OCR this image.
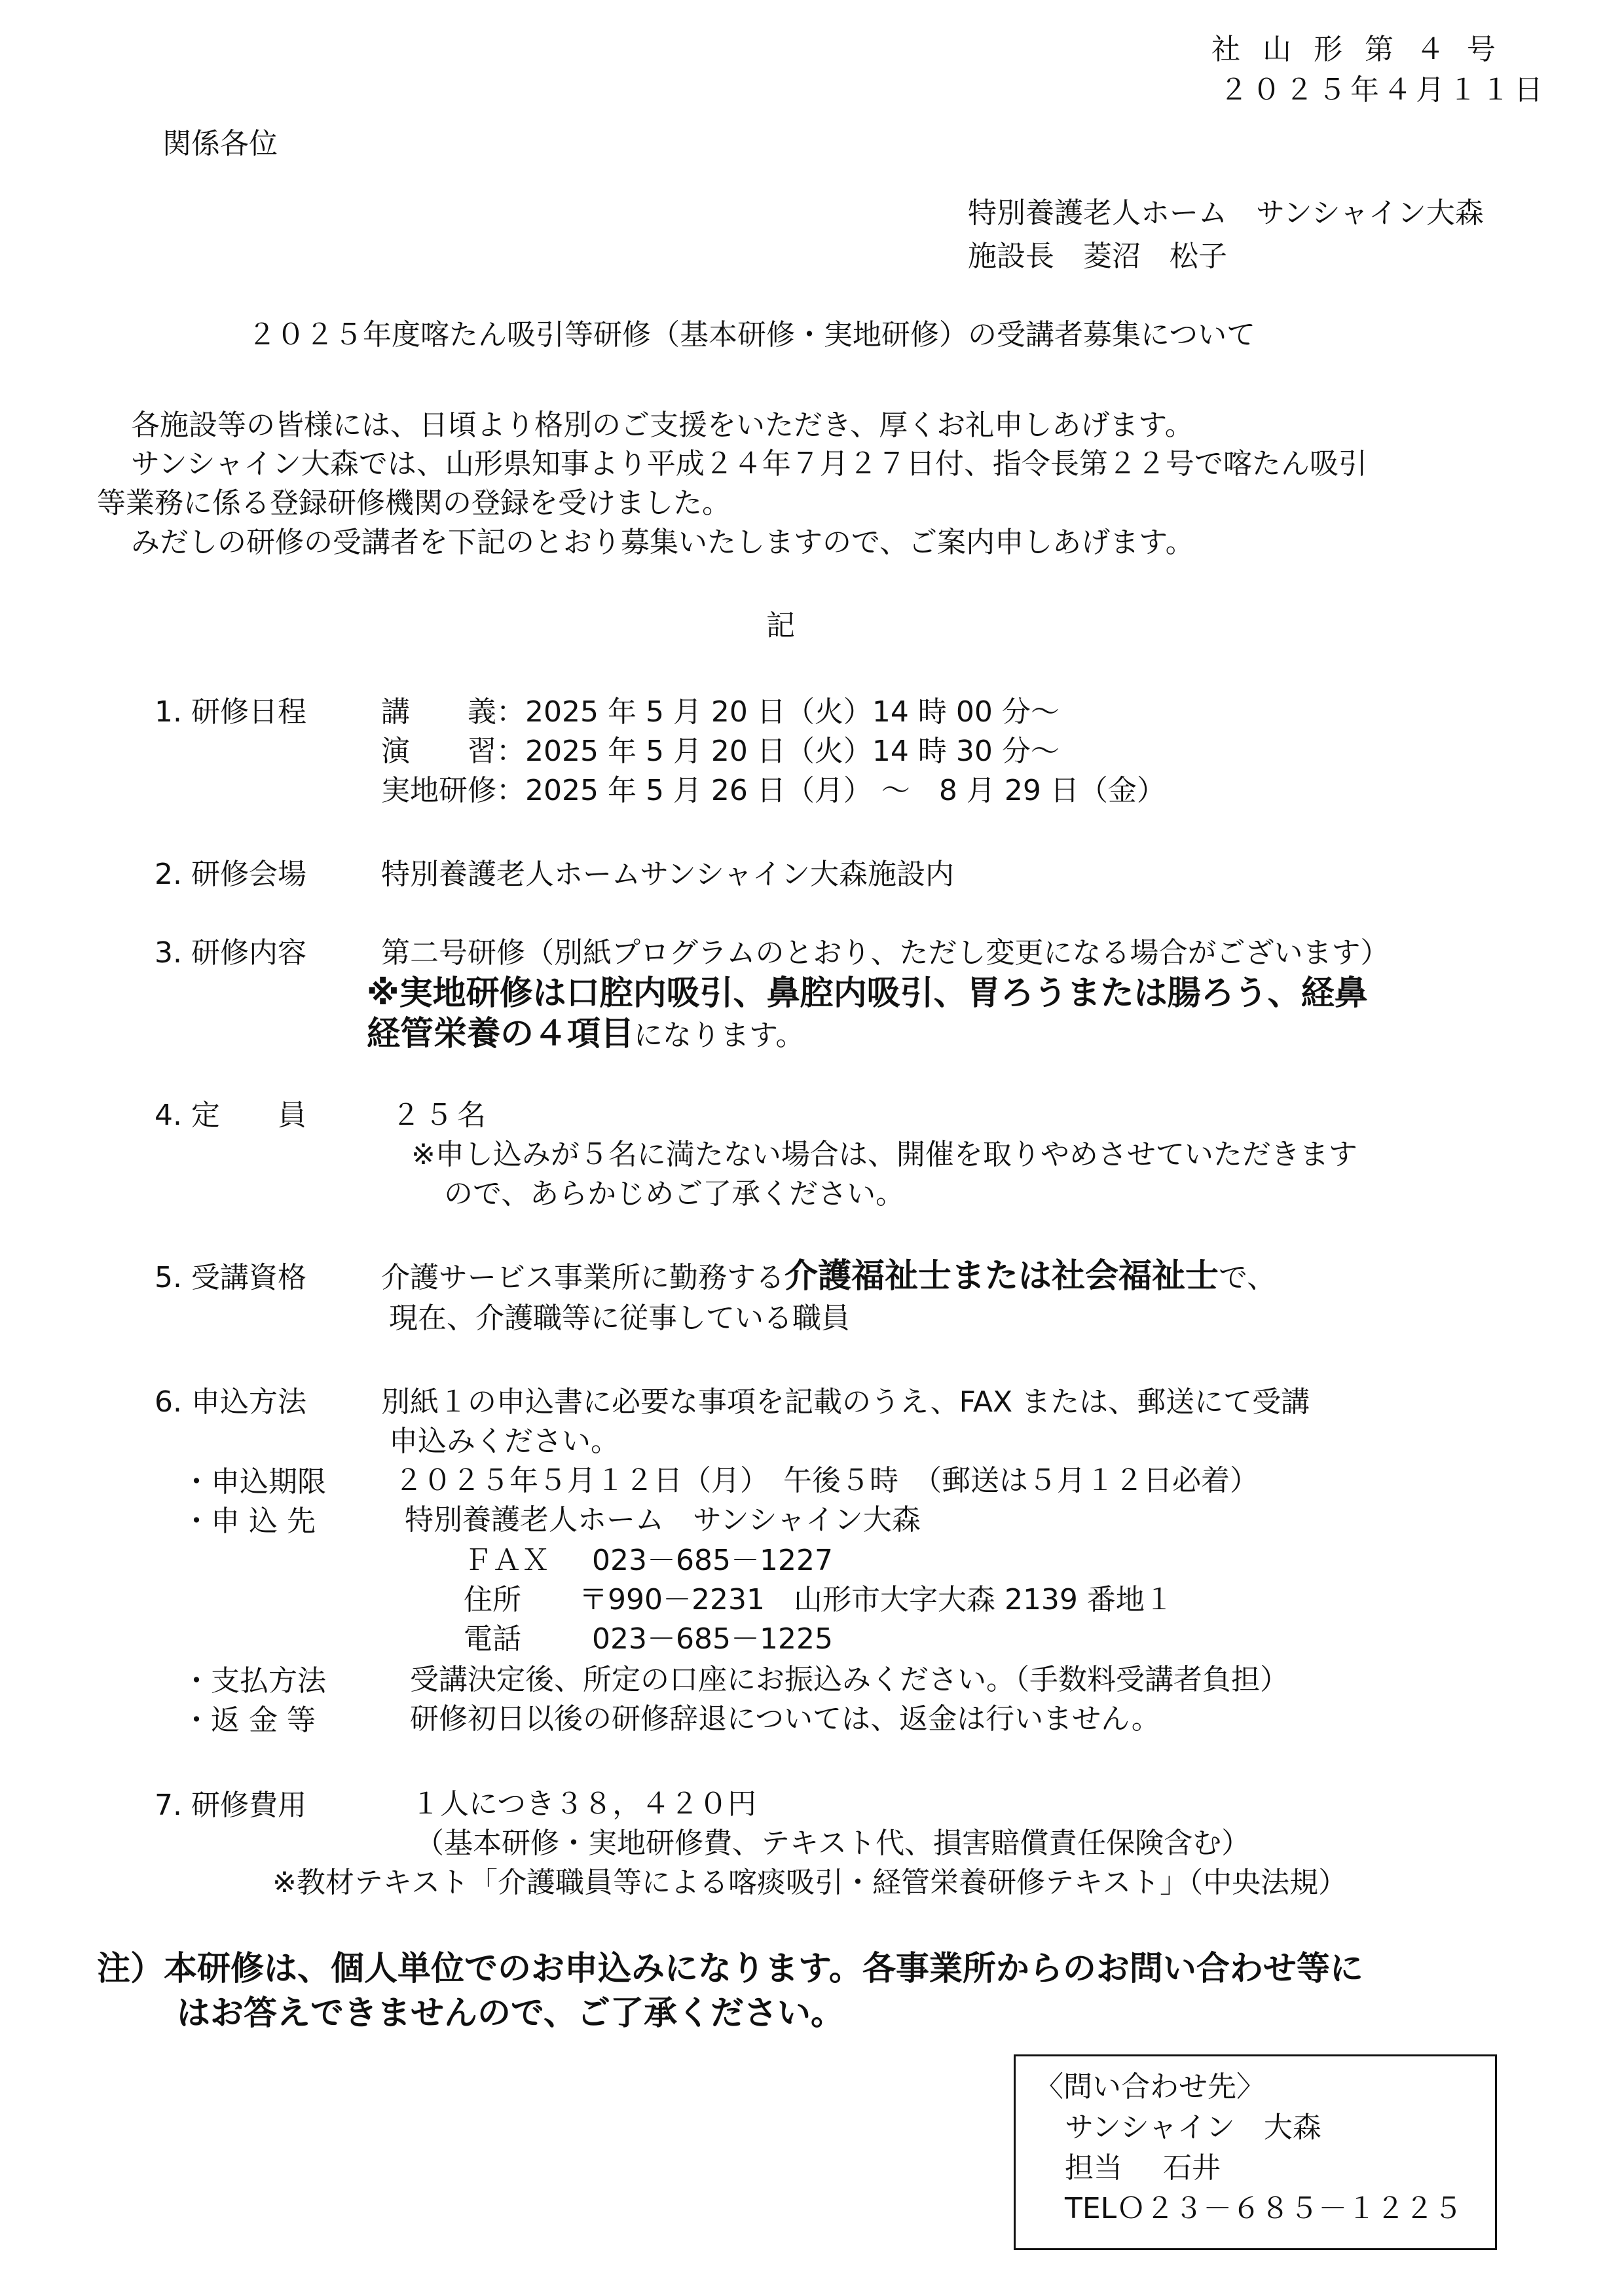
社 山 形 第 ４ 号
２０２５年４月１１日
関係各位
特別養護老人ホーム　サンシャイン大森
施設長　 菱沼　松子
２０２５年度喀たん吸引等研修（基本研修・実地研修）の受講者募集について
各施設等の皆様には、日頃より格別のご支援をいただき、厚くお礼申しあげます。
サンシャイン大森では、山形県知事より平成２４年７月２７日付、指令長第２２号で喀たん吸引
等業務に係る登録研修機関の登録を受けました。
みだしの研修の受講者を下記のとおり募集いたしますので、ご案内申しあげます。
記
1. 研修日程	講　　義：2025 年 5 月 20 日（火）14 時 00 分～
演　　習：2025 年 5 月 20 日（火）14 時 30 分～
実地研修：2025 年 5 月 26 日（月） ～　8 月 29 日（金）
2. 研修会場	特別養護老人ホームサンシャイン大森施設内
3. 研修内容	第二号研修（別紙プログラムのとおり、ただし変更になる場合がございます）
※実地研修は口腔内吸引、鼻腔内吸引、胃ろうまたは腸ろう、経鼻
経管栄養の４項目になります。
4. 定　　員	２５名
※申し込みが５名に満たない場合は、開催を取りやめさせていただきます
ので、あらかじめご了承ください。
5. 受講資格	介護サービス事業所に勤務する介護福祉士または社会福祉士で、
現在、介護職等に従事している職員
6. 申込方法	別紙１の申込書に必要な事項を記載のうえ、FAX または、郵送にて受講
申込みください。
・申込期限 ２０２５年５月１２日（月）　午後５時　（郵送は５月１２日必着）
・申 込 先	特別養護老人ホーム　サンシャイン大森
ＦＡＸ 023－685－1227
住所 〒990－2231　山形市大字大森 2139 番地１
電話 023－685－1225
・支払方法	受講決定後、所定の口座にお振込みください。（手数料受講者負担）
・返 金 等	研修初日以後の研修辞退については、返金は行いません。
7. 研修費用	１人につき３８，４２０円
（基本研修・実地研修費、テキスト代、損害賠償責任保険含む）
※教材テキスト「介護職員等による喀痰吸引・経管栄養研修テキスト」（中央法規）
注）本研修は、個人単位でのお申込みになります。各事業所からのお問い合わせ等に
はお答えできませんので、ご了承ください。
〈問い合わせ先〉
サンシャイン　大森
担当 石井
TELＯ２３－６８５－１２２５
